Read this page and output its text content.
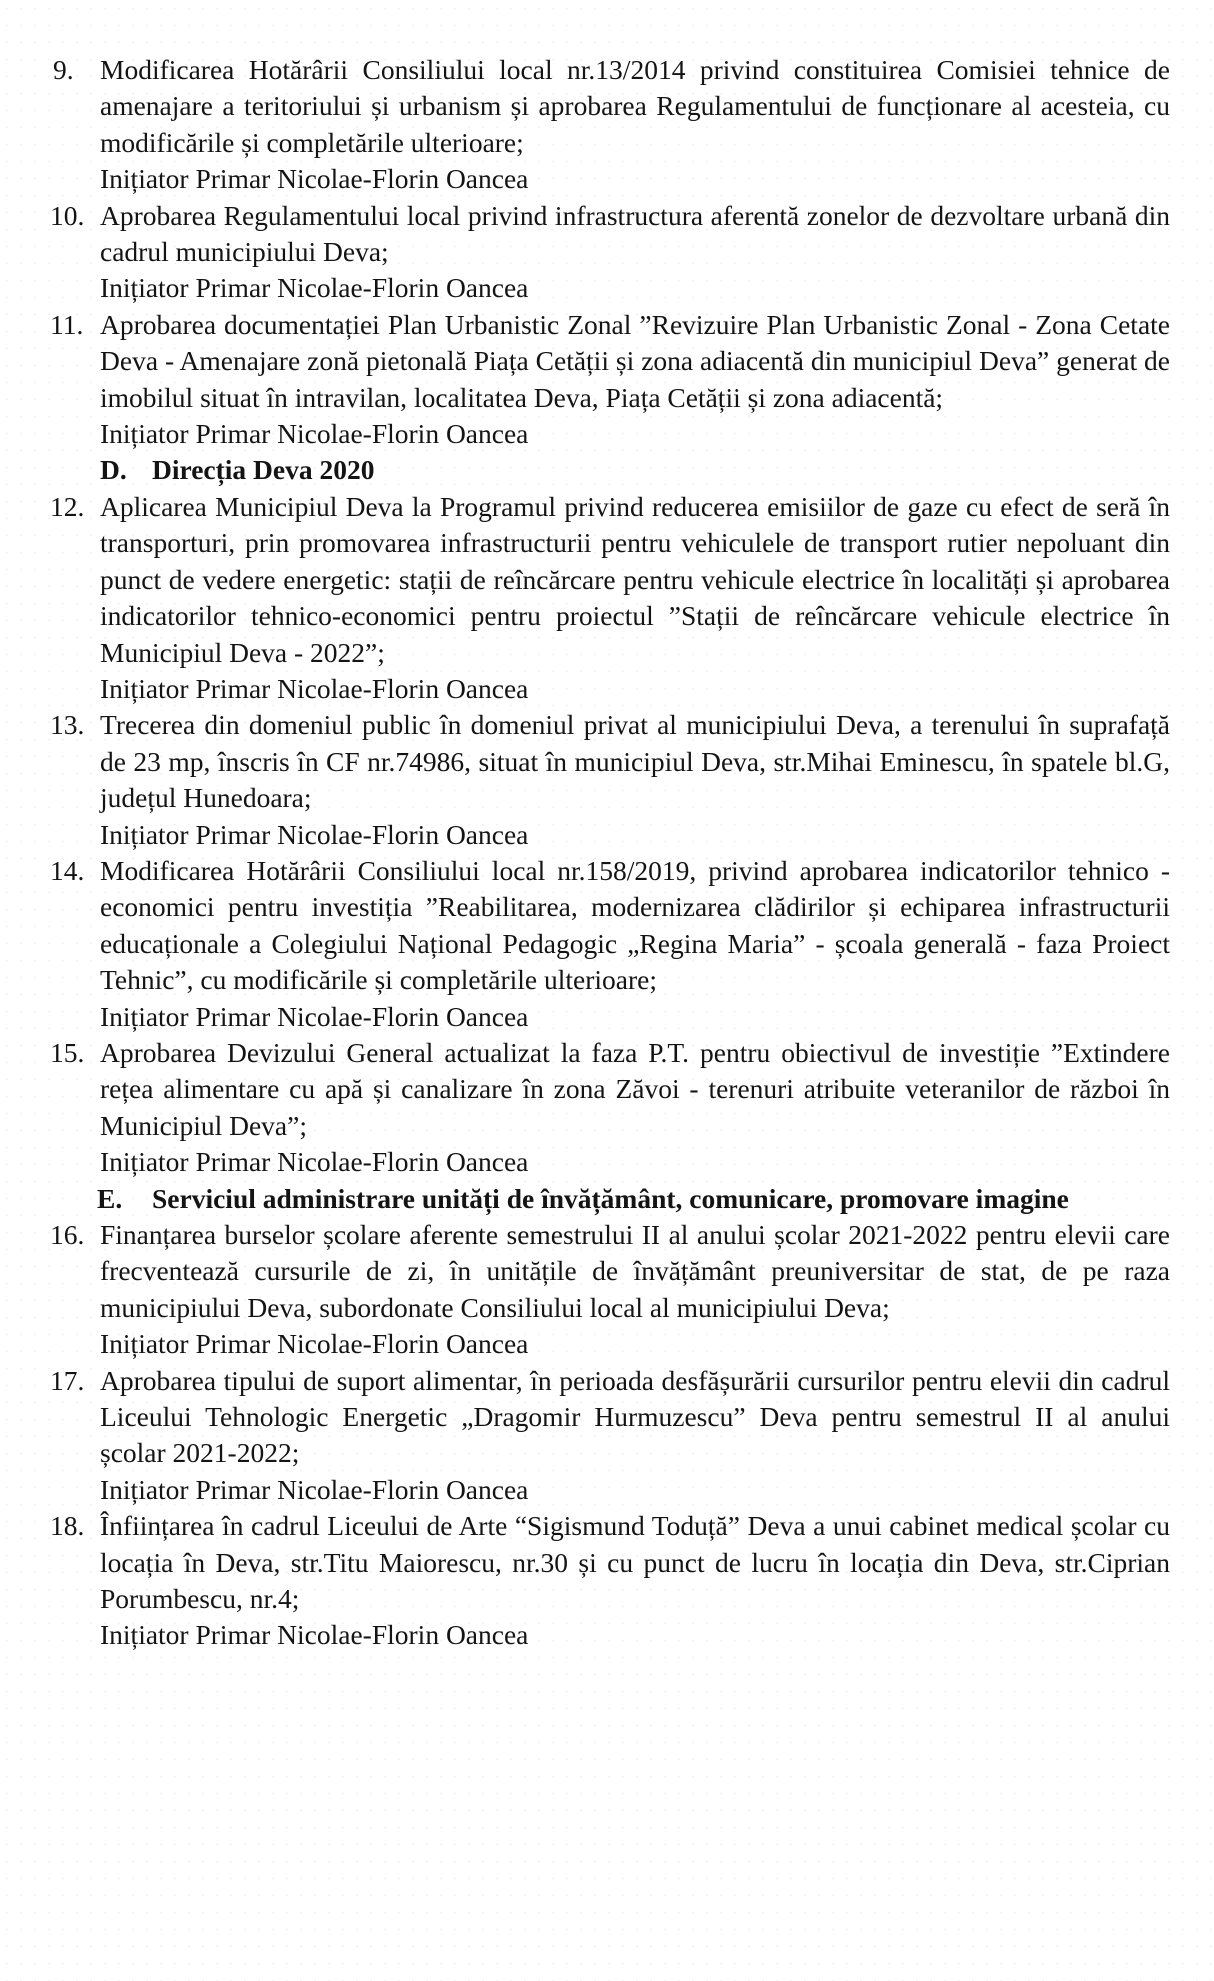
9. Modificarea Hotărârii Consiliului local nr.13/2014 privind constituirea Comisiei tehnice de amenajare a teritoriului și urbanism și aprobarea Regulamentului de funcționare al acesteia, cu modificările și completările ulterioare;
Inițiator Primar Nicolae-Florin Oancea
10. Aprobarea Regulamentului local privind infrastructura aferentă zonelor de dezvoltare urbană din cadrul municipiului Deva;
Inițiator Primar Nicolae-Florin Oancea
11. Aprobarea documentației Plan Urbanistic Zonal ”Revizuire Plan Urbanistic Zonal - Zona Cetate Deva - Amenajare zonă pietonală Piața Cetății și zona adiacentă din municipiul Deva” generat de imobilul situat în intravilan, localitatea Deva, Piața Cetății și zona adiacentă;
Inițiator Primar Nicolae-Florin Oancea
D. Direcția Deva 2020
12. Aplicarea Municipiul Deva la Programul privind reducerea emisiilor de gaze cu efect de seră în transporturi, prin promovarea infrastructurii pentru vehiculele de transport rutier nepoluant din punct de vedere energetic: stații de reîncărcare pentru vehicule electrice în localități și aprobarea indicatorilor tehnico-economici pentru proiectul ”Stații de reîncărcare vehicule electrice în Municipiul Deva - 2022”;
Inițiator Primar Nicolae-Florin Oancea
13. Trecerea din domeniul public în domeniul privat al municipiului Deva, a terenului în suprafață de 23 mp, înscris în CF nr.74986, situat în municipiul Deva, str.Mihai Eminescu, în spatele bl.G, județul Hunedoara;
Inițiator Primar Nicolae-Florin Oancea
14. Modificarea Hotărârii Consiliului local nr.158/2019, privind aprobarea indicatorilor tehnico - economici pentru investiția ”Reabilitarea, modernizarea clădirilor și echiparea infrastructurii educaționale a Colegiului Național Pedagogic „Regina Maria” - școala generală - faza Proiect Tehnic”, cu modificările și completările ulterioare;
Inițiator Primar Nicolae-Florin Oancea
15. Aprobarea Devizului General actualizat la faza P.T. pentru obiectivul de investiție ”Extindere rețea alimentare cu apă și canalizare în zona Zăvoi - terenuri atribuite veteranilor de război în Municipiul Deva”;
Inițiator Primar Nicolae-Florin Oancea
E.	Serviciul administrare unități de învățământ, comunicare, promovare imagine
16. Finanțarea burselor școlare aferente semestrului II al anului școlar 2021-2022 pentru elevii care frecventează cursurile de zi, în unitățile de învățământ preuniversitar de stat, de pe raza municipiului Deva, subordonate Consiliului local al municipiului Deva;
Inițiator Primar Nicolae-Florin Oancea
17. Aprobarea tipului de suport alimentar, în perioada desfășurării cursurilor pentru elevii din cadrul Liceului Tehnologic Energetic „Dragomir Hurmuzescu” Deva pentru semestrul II al anului școlar 2021-2022;
Inițiator Primar Nicolae-Florin Oancea
18. Înființarea în cadrul Liceului de Arte “Sigismund Toduță” Deva a unui cabinet medical școlar cu locația în Deva, str.Titu Maiorescu, nr.30 și cu punct de lucru în locația din Deva, str.Ciprian Porumbescu, nr.4;
Inițiator Primar Nicolae-Florin Oancea
